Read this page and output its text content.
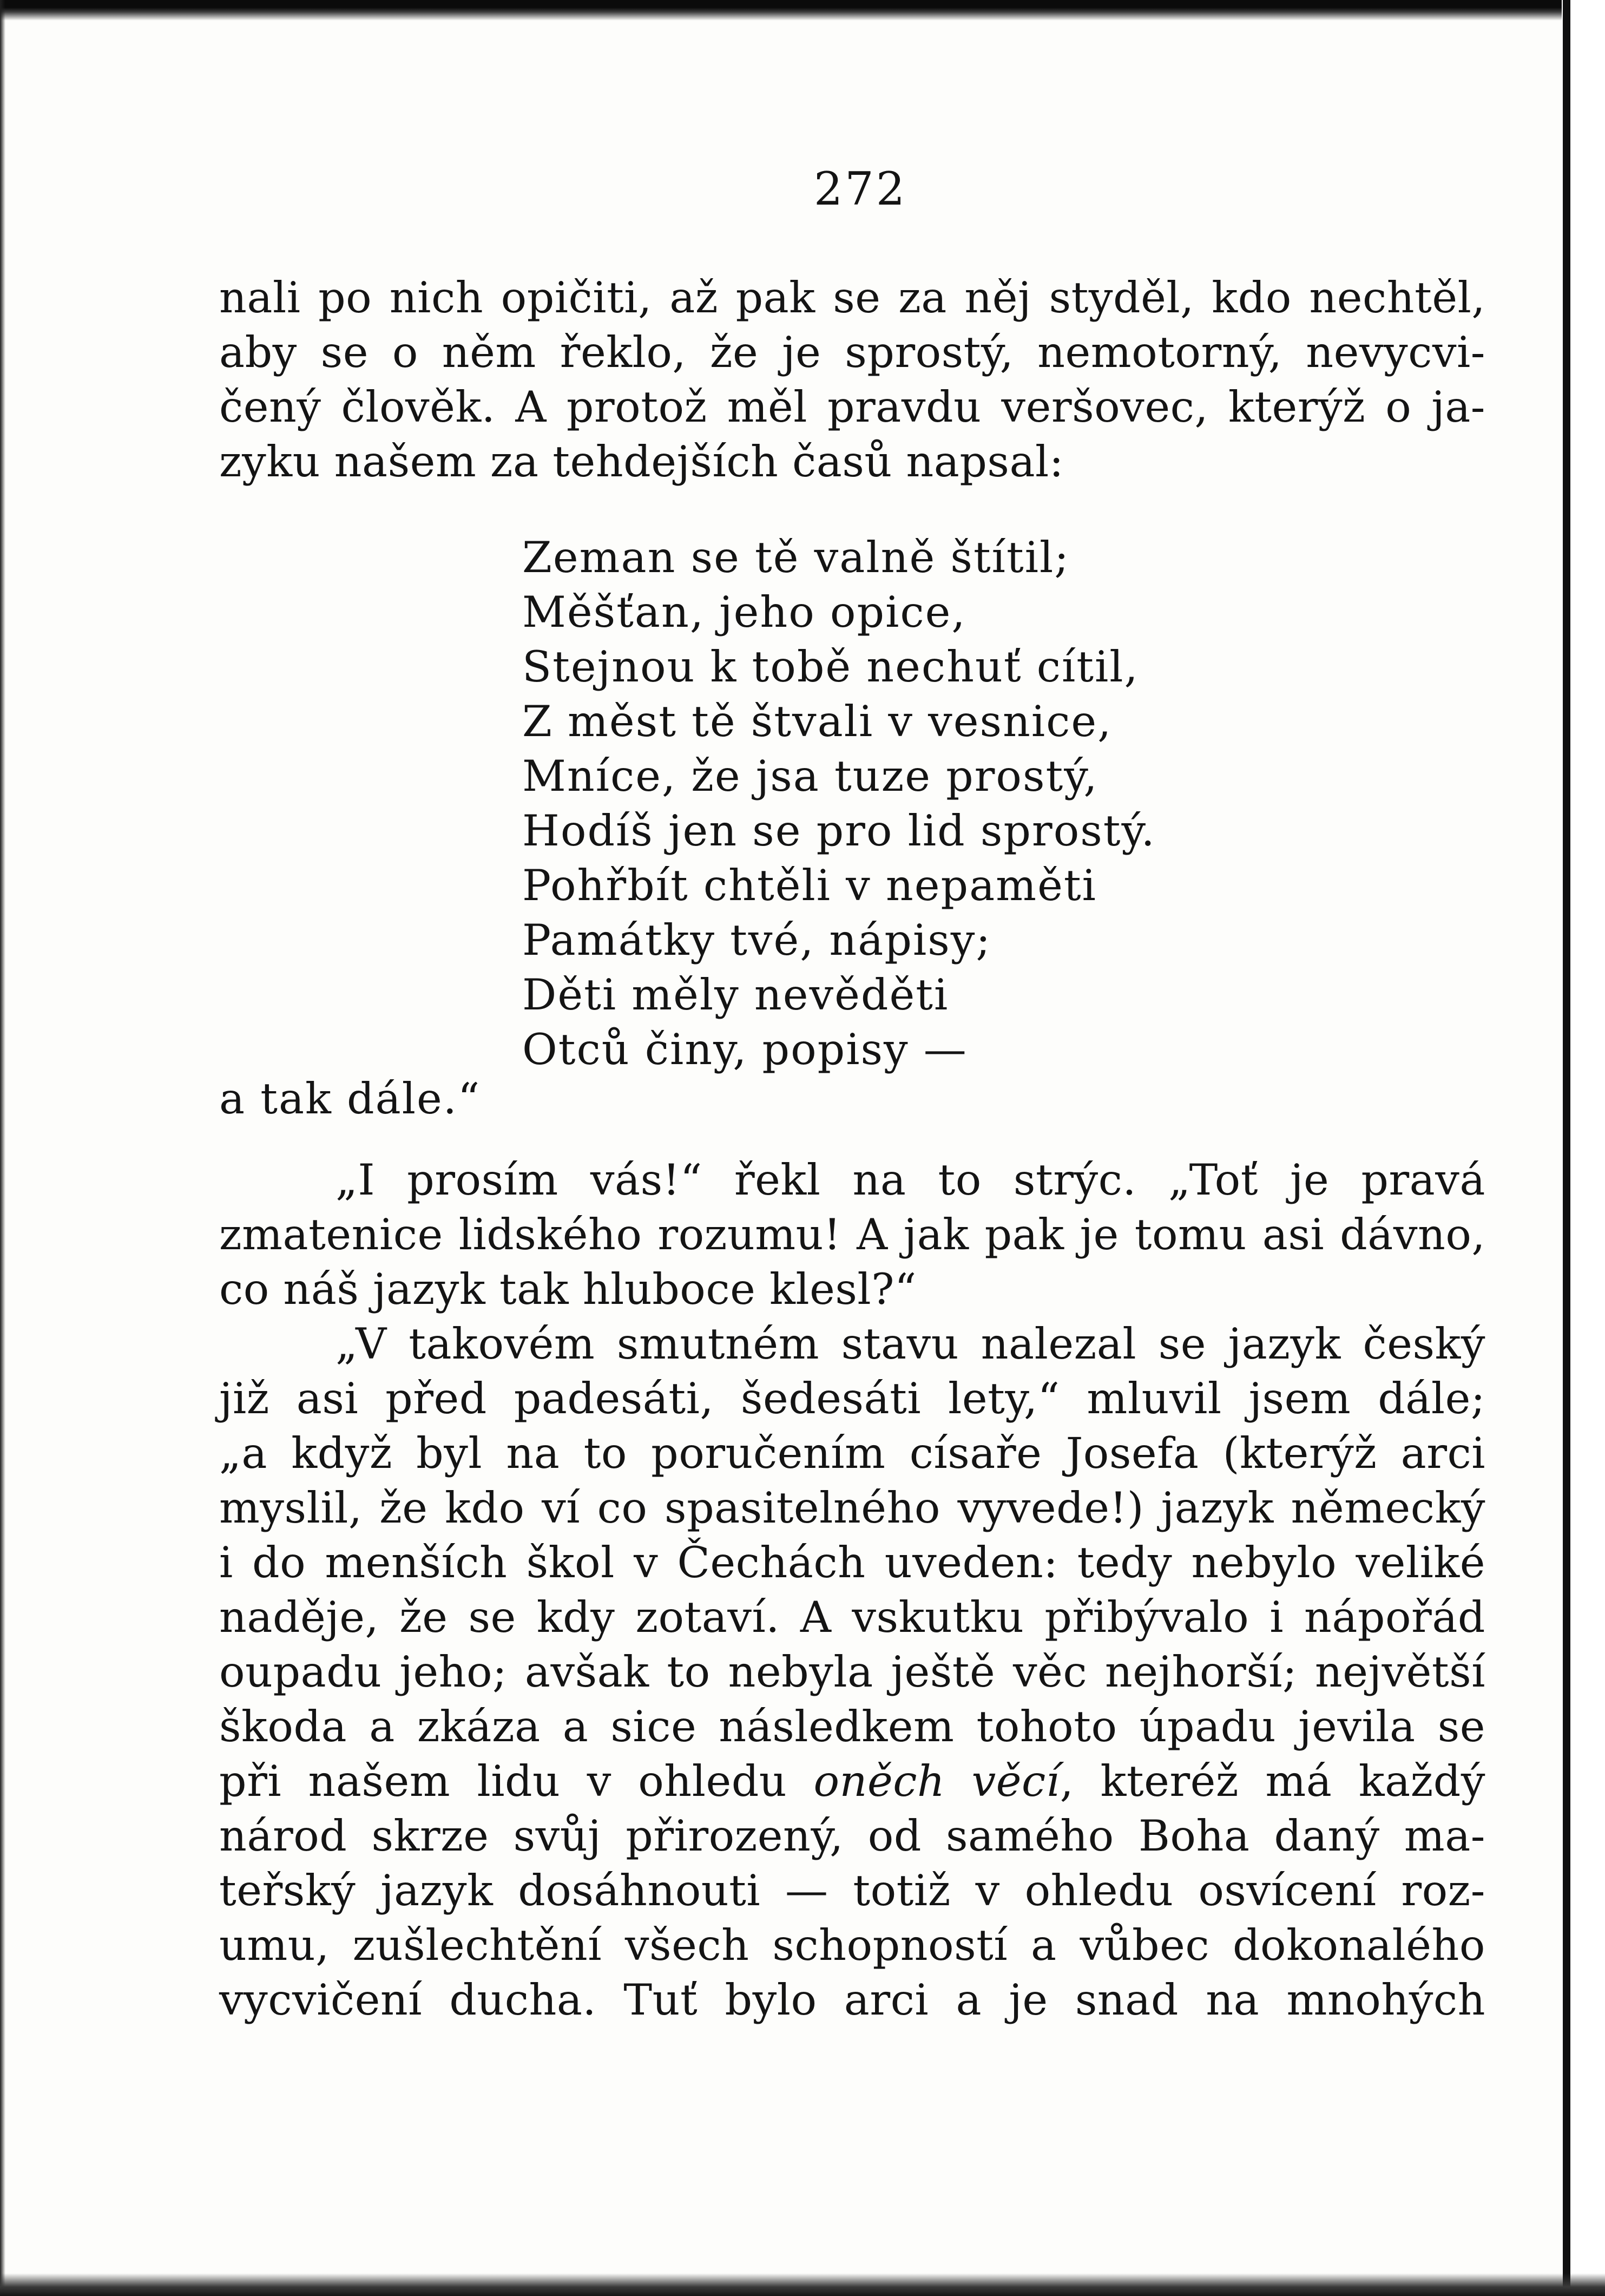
272
nali po nich opičiti, až pak se za něj styděl, kdo nechtěl,
aby se o něm řeklo, že je sprostý, nemotorný, nevycvi-
čený člověk. A protož měl pravdu veršovec, kterýž o ja-
zyku našem za tehdejších časů napsal:
Zeman se tě valně štítil;
Měšťan, jeho opice,
Stejnou k tobě nechuť cítil,
Z měst tě štvali v vesnice,
Mníce, že jsa tuze prostý,
Hodíš jen se pro lid sprostý.
Pohřbít chtěli v nepaměti
Památky tvé, nápisy;
Děti měly nevěděti
Otců činy, popisy —
a tak dále.“
„I prosím vás!“ řekl na to strýc. „Toť je pravá
zmatenice lidského rozumu! A jak pak je tomu asi dávno,
co náš jazyk tak hluboce klesl?“
„V takovém smutném stavu nalezal se jazyk český
již asi před padesáti, šedesáti lety,“ mluvil jsem dále;
„a když byl na to poručením císaře Josefa (kterýž arci
myslil, že kdo ví co spasitelného vyvede!) jazyk německý
i do menších škol v Čechách uveden: tedy nebylo veliké
naděje, že se kdy zotaví. A vskutku přibývalo i nápořád
oupadu jeho; avšak to nebyla ještě věc nejhorší; největší
škoda a zkáza a sice následkem tohoto úpadu jevila se
při našem lidu v ohledu oněch věcí, kteréž má každý
národ skrze svůj přirozený, od samého Boha daný ma-
teřský jazyk dosáhnouti — totiž v ohledu osvícení roz-
umu, zušlechtění všech schopností a vůbec dokonalého
vycvičení ducha. Tuť bylo arci a je snad na mnohých
